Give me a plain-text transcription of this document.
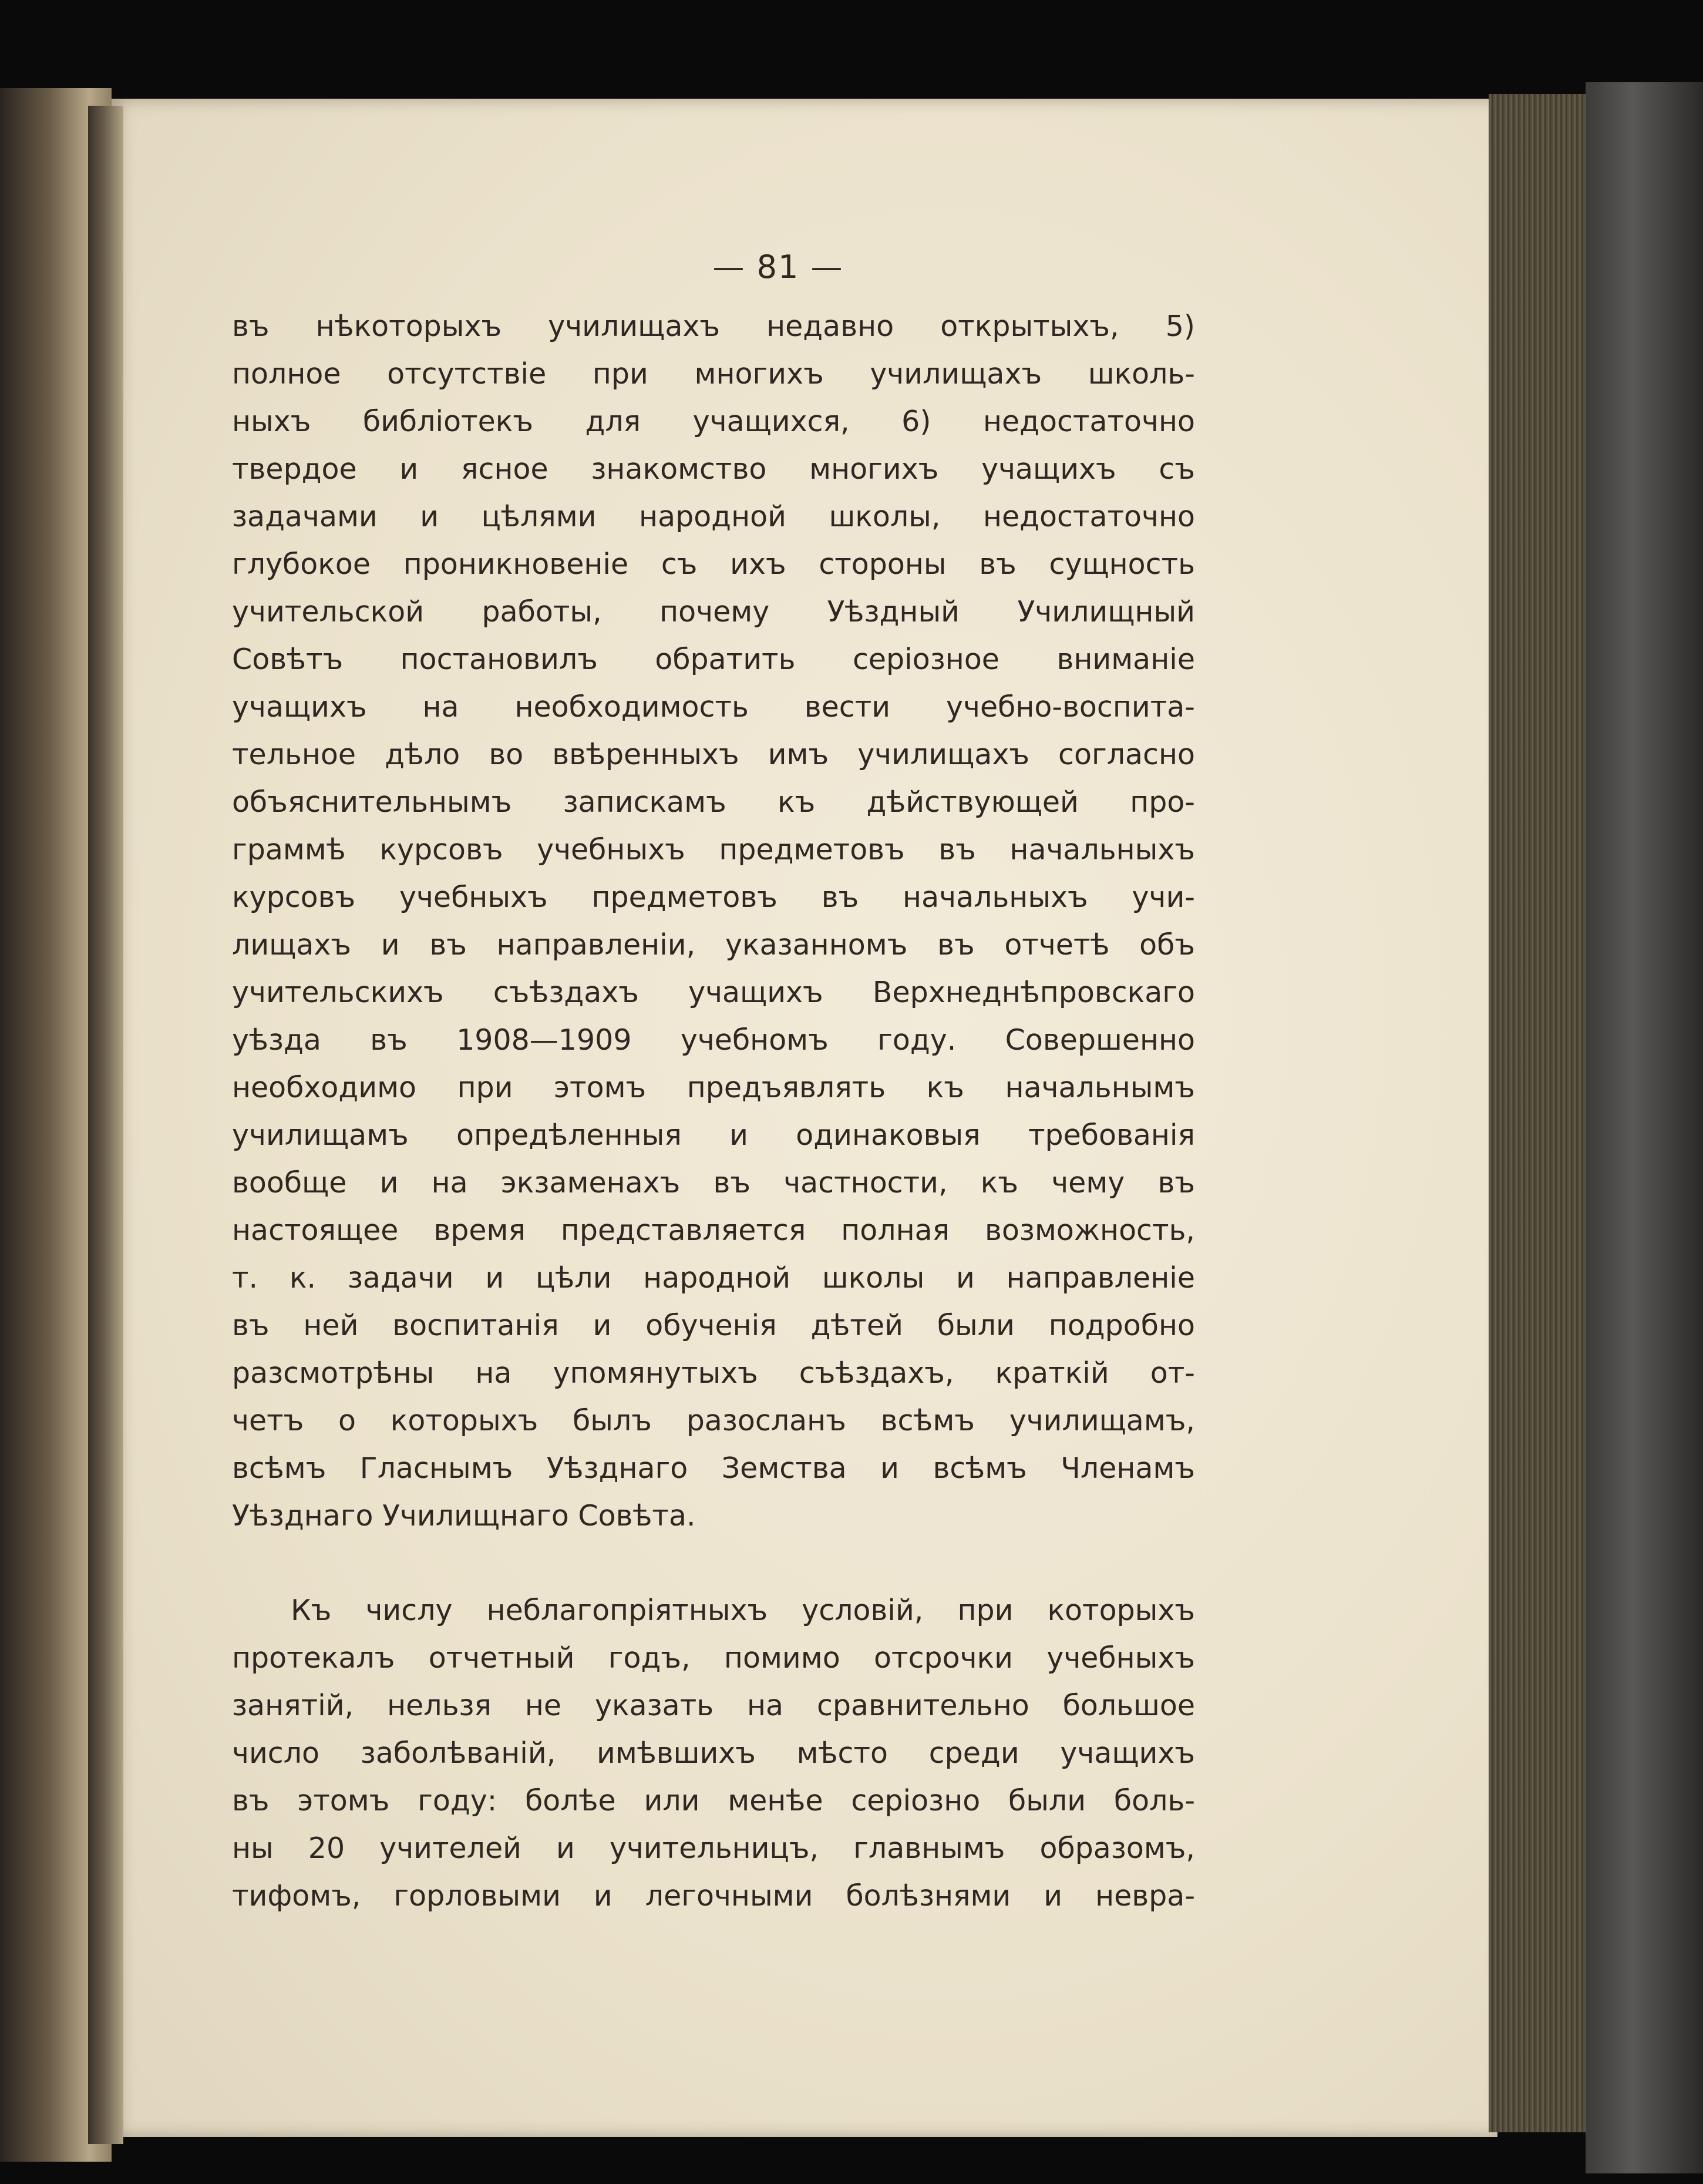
— 81 —

въ нѣкоторыхъ училищахъ недавно открытыхъ, 5)

полное отсутствіе при многихъ училищахъ школь-

ныхъ библіотекъ для учащихся, 6) недостаточно

твердое и ясное знакомство многихъ учащихъ съ

задачами и цѣлями народной школы, недостаточно

глубокое проникновеніе съ ихъ стороны въ сущность

учительской работы, почему Уѣздный Училищный

Совѣтъ постановилъ обратить серіозное вниманіе

учащихъ на необходимость вести учебно-воспита-

тельное дѣло во ввѣренныхъ имъ училищахъ согласно

объяснительнымъ запискамъ къ дѣйствующей про-

граммѣ курсовъ учебныхъ предметовъ въ начальныхъ

курсовъ учебныхъ предметовъ въ начальныхъ учи-

лищахъ и въ направленіи, указанномъ въ отчетѣ объ

учительскихъ съѣздахъ учащихъ Верхнеднѣпровскаго

уѣзда въ 1908—1909 учебномъ году. Совершенно

необходимо при этомъ предъявлять къ начальнымъ

училищамъ опредѣленныя и одинаковыя требованія

вообще и на экзаменахъ въ частности, къ чему въ

настоящее время представляется полная возможность,

т. к. задачи и цѣли народной школы и направленіе

въ ней воспитанія и обученія дѣтей были подробно

разсмотрѣны на упомянутыхъ съѣздахъ, краткій от-

четъ о которыхъ былъ разосланъ всѣмъ училищамъ,

всѣмъ Гласнымъ Уѣзднаго Земства и всѣмъ Членамъ

Уѣзднаго Училищнаго Совѣта.

Къ числу неблагопріятныхъ условій, при которыхъ

протекалъ отчетный годъ, помимо отсрочки учебныхъ

занятій, нельзя не указать на сравнительно большое

число заболѣваній, имѣвшихъ мѣсто среди учащихъ

въ этомъ году: болѣе или менѣе серіозно были боль-

ны 20 учителей и учительницъ, главнымъ образомъ,

тифомъ, горловыми и легочными болѣзнями и невра-
